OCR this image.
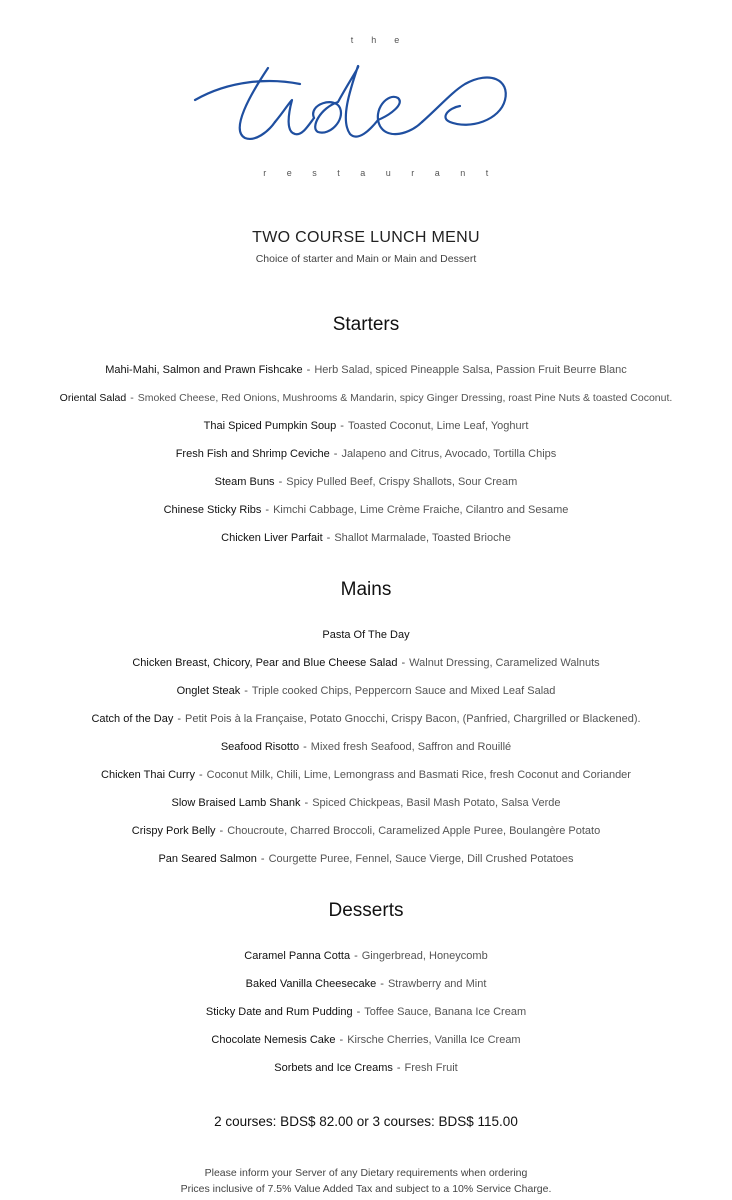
the
restaurant
TWO COURSE LUNCH MENU
Choice of starter and Main or Main and Dessert
Starters
Mahi-Mahi, Salmon and Prawn Fishcake - Herb Salad, spiced Pineapple Salsa, Passion Fruit Beurre Blanc
Oriental Salad - Smoked Cheese, Red Onions, Mushrooms & Mandarin, spicy Ginger Dressing, roast Pine Nuts & toasted Coconut.
Thai Spiced Pumpkin Soup - Toasted Coconut, Lime Leaf, Yoghurt
Fresh Fish and Shrimp Ceviche - Jalapeno and Citrus, Avocado, Tortilla Chips
Steam Buns - Spicy Pulled Beef, Crispy Shallots, Sour Cream
Chinese Sticky Ribs - Kimchi Cabbage, Lime Crème Fraiche, Cilantro and Sesame
Chicken Liver Parfait - Shallot Marmalade, Toasted Brioche
Mains
Pasta Of The Day
Chicken Breast, Chicory, Pear and Blue Cheese Salad - Walnut Dressing, Caramelized Walnuts
Onglet Steak - Triple cooked Chips, Peppercorn Sauce and Mixed Leaf Salad
Catch of the Day - Petit Pois à la Française, Potato Gnocchi, Crispy Bacon, (Panfried, Chargrilled or Blackened).
Seafood Risotto - Mixed fresh Seafood, Saffron and Rouillé
Chicken Thai Curry - Coconut Milk, Chili, Lime, Lemongrass and Basmati Rice, fresh Coconut and Coriander
Slow Braised Lamb Shank - Spiced Chickpeas, Basil Mash Potato, Salsa Verde
Crispy Pork Belly - Choucroute, Charred Broccoli, Caramelized Apple Puree, Boulangère Potato
Pan Seared Salmon - Courgette Puree, Fennel, Sauce Vierge, Dill Crushed Potatoes
Desserts
Caramel Panna Cotta - Gingerbread, Honeycomb
Baked Vanilla Cheesecake - Strawberry and Mint
Sticky Date and Rum Pudding - Toffee Sauce, Banana Ice Cream
Chocolate Nemesis Cake - Kirsche Cherries, Vanilla Ice Cream
Sorbets and Ice Creams - Fresh Fruit
2 courses: BDS$ 82.00 or 3 courses: BDS$ 115.00
Please inform your Server of any Dietary requirements when ordering
Prices inclusive of 7.5% Value Added Tax and subject to a 10% Service Charge.
